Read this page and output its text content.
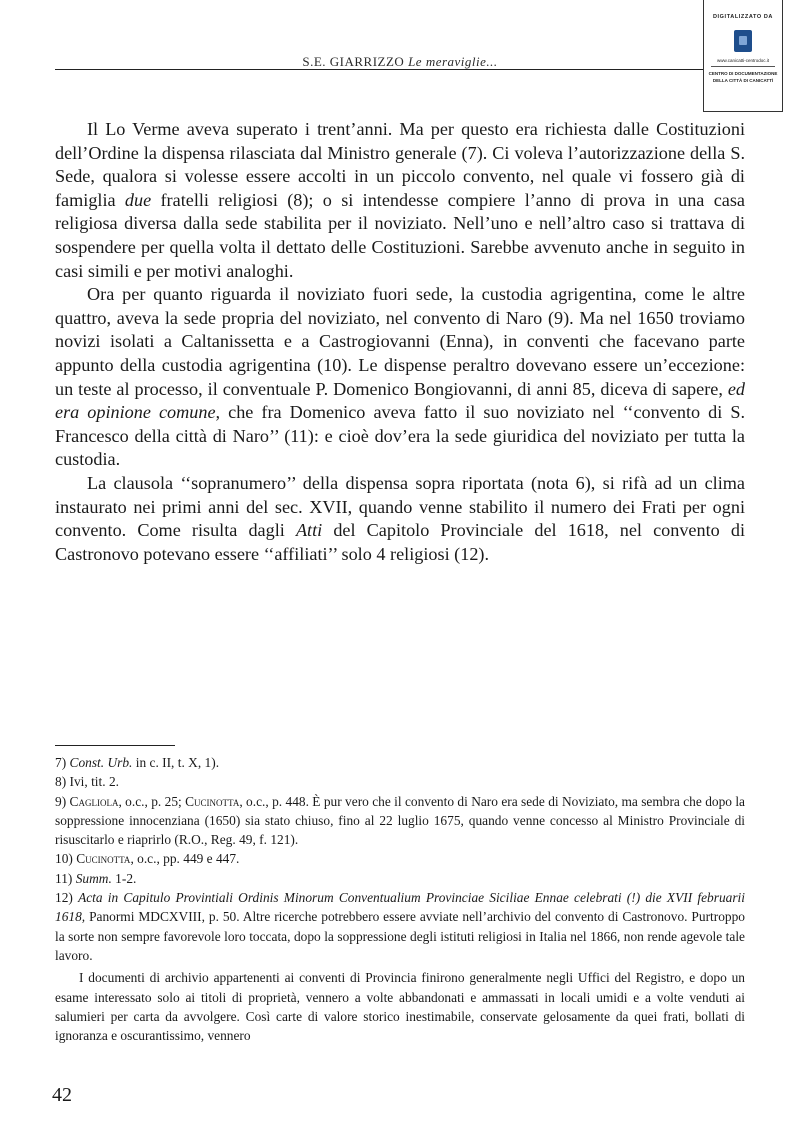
S.E. GIARRIZZO Le meraviglie...
DIGITALIZZATO DA
www.canicatti-centrodoc.it
CENTRO DI DOCUMENTAZIONE
DELLA CITTÀ DI CANICATTÌ

Il Lo Verme aveva superato i trent’anni. Ma per questo era richiesta dalle Costituzioni dell’Ordine la dispensa rilasciata dal Ministro generale (7). Ci voleva l’autorizzazione della S. Sede, qualora si volesse essere accolti in un piccolo convento, nel quale vi fossero già di famiglia due fratelli religiosi (8); o si intendesse compiere l’anno di prova in una casa religiosa diversa dalla sede stabilita per il noviziato. Nell’uno e nell’altro caso si trattava di sospendere per quella volta il dettato delle Costituzioni. Sarebbe avvenuto anche in seguito in casi simili e per motivi analoghi.

Ora per quanto riguarda il noviziato fuori sede, la custodia agrigentina, come le altre quattro, aveva la sede propria del noviziato, nel convento di Naro (9). Ma nel 1650 troviamo novizi isolati a Caltanissetta e a Castrogiovanni (Enna), in conventi che facevano parte appunto della custodia agrigentina (10). Le dispense peraltro dovevano essere un’eccezione: un teste al processo, il conventuale P. Domenico Bongiovanni, di anni 85, diceva di sapere, ed era opinione comune, che fra Domenico aveva fatto il suo noviziato nel ‘‘convento di S. Francesco della città di Naro’’ (11): e cioè dov’era la sede giuridica del noviziato per tutta la custodia.

La clausola ‘‘sopranumero’’ della dispensa sopra riportata (nota 6), si rifà ad un clima instaurato nei primi anni del sec. XVII, quando venne stabilito il numero dei Frati per ogni convento. Come risulta dagli Atti del Capitolo Provinciale del 1618, nel convento di Castronovo potevano essere ‘‘affiliati’’ solo 4 religiosi (12).

7) Const. Urb. in c. II, t. X, 1).

8) Ivi, tit. 2.

9) Cagliola, o.c., p. 25; Cucinotta, o.c., p. 448. È pur vero che il convento di Naro era sede di Noviziato, ma sembra che dopo la soppressione innocenziana (1650) sia stato chiuso, fino al 22 luglio 1675, quando venne concesso al Ministro Provinciale di risuscitarlo e riaprirlo (R.O., Reg. 49, f. 121).

10) Cucinotta, o.c., pp. 449 e 447.

11) Summ. 1-2.

12) Acta in Capitulo Provintiali Ordinis Minorum Conventualium Provinciae Siciliae Ennae celebrati (!) die XVII februarii 1618, Panormi MDCXVIII, p. 50. Altre ricerche potrebbero essere avviate nell’archivio del convento di Castronovo. Purtroppo la sorte non sempre favorevole loro toccata, dopo la soppressione degli istituti religiosi in Italia nel 1866, non rende agevole tale lavoro.

I documenti di archivio appartenenti ai conventi di Provincia finirono generalmente negli Uffici del Registro, e dopo un esame interessato solo ai titoli di proprietà, vennero a volte abbandonati e ammassati in locali umidi e a volte venduti ai salumieri per carta da avvolgere. Così carte di valore storico inestimabile, conservate gelosamente da quei frati, bollati di ignoranza e oscurantissimo, vennero

42
